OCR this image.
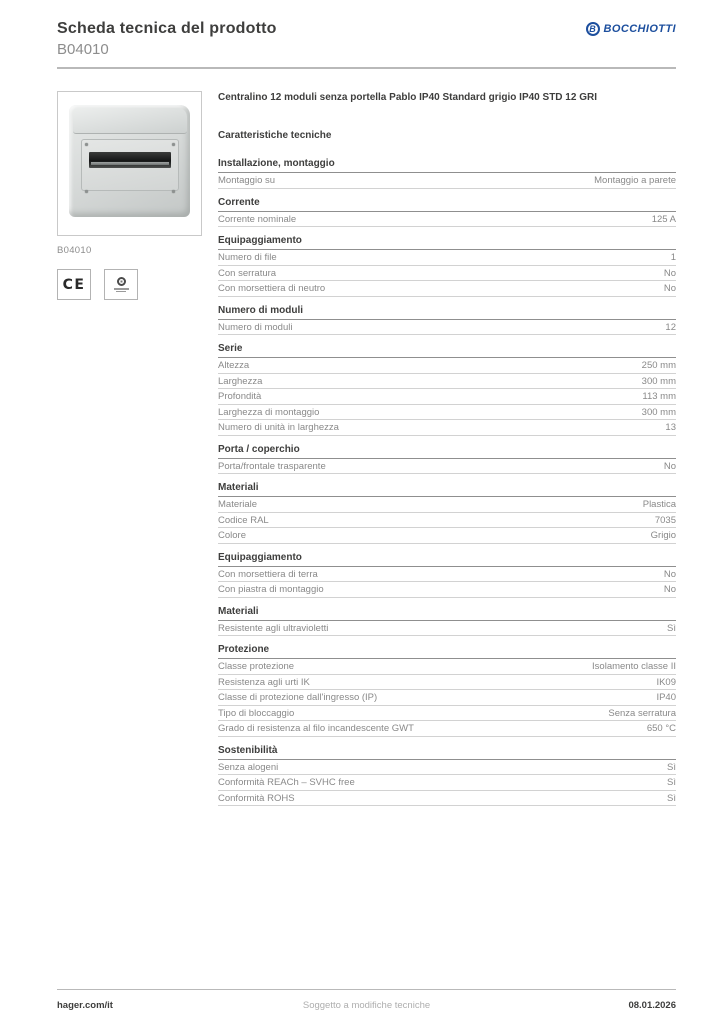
Scheda tecnica del prodotto
B04010
B BOCCHIOTTI
B04010
CE
Centralino 12 moduli senza portella Pablo IP40 Standard grigio IP40 STD 12 GRI
Caratteristiche tecniche
Installazione, montaggio
Montaggio su	Montaggio a parete
Corrente
Corrente nominale	125 A
Equipaggiamento
Numero di file	1
Con serratura	No
Con morsettiera di neutro	No
Numero di moduli
Numero di moduli	12
Serie
Altezza	250 mm
Larghezza	300 mm
Profondità	113 mm
Larghezza di montaggio	300 mm
Numero di unità in larghezza	13
Porta / coperchio
Porta/frontale trasparente	No
Materiali
Materiale	Plastica
Codice RAL	7035
Colore	Grigio
Equipaggiamento
Con morsettiera di terra	No
Con piastra di montaggio	No
Materiali
Resistente agli ultravioletti	Sì
Protezione
Classe protezione	Isolamento classe II
Resistenza agli urti IK	IK09
Classe di protezione dall'ingresso (IP)	IP40
Tipo di bloccaggio	Senza serratura
Grado di resistenza al filo incandescente GWT	650 °C
Sostenibilità
Senza alogeni	Sì
Conformità REACh – SVHC free	Sì
Conformità ROHS	Sì
hager.com/it	Soggetto a modifiche tecniche	08.01.2026
